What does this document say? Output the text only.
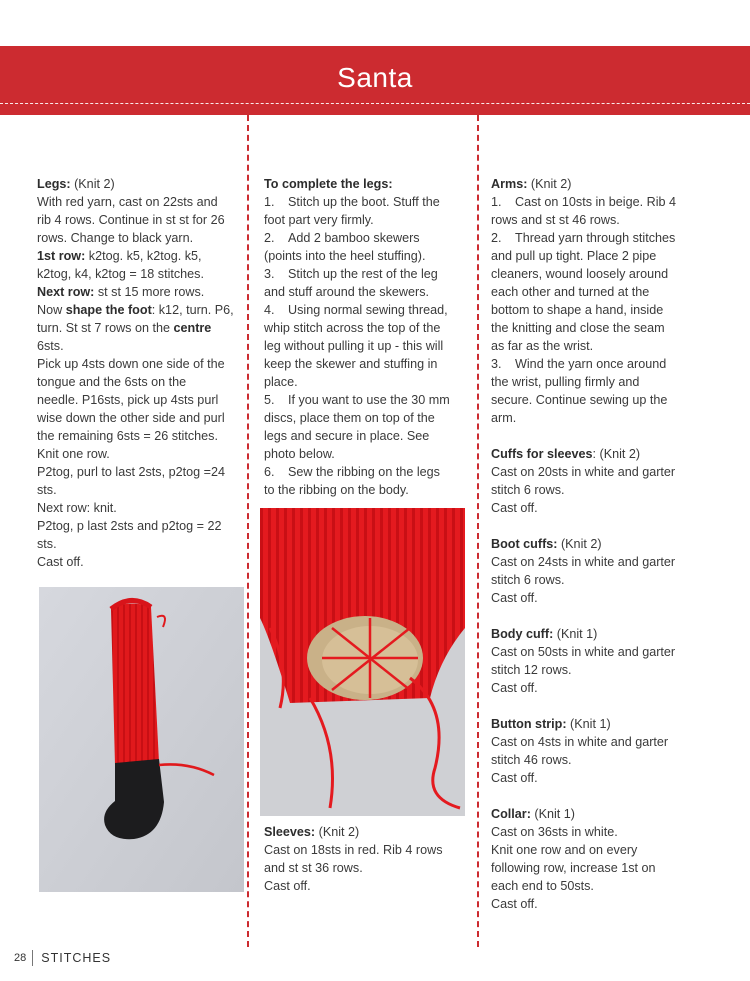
Santa

Legs: (Knit 2)

With red yarn, cast on 22sts and

rib 4 rows. Continue in st st for 26

rows. Change to black yarn.

1st row: k2tog. k5, k2tog. k5,

k2tog, k4, k2tog = 18 stitches.

Next row: st st 15 more rows.

Now shape the foot: k12, turn. P6,

turn. St st 7 rows on the centre

6sts.

Pick up 4sts down one side of the

tongue and the 6sts on the

needle. P16sts, pick up 4sts purl

wise down the other side and purl

the remaining 6sts = 26 stitches.

Knit one row.

P2tog, purl to last 2sts, p2tog =24

sts.

Next row: knit.

P2tog, p last 2sts and p2tog = 22

sts.

Cast off.

To complete the legs:

1. Stitch up the boot. Stuff the

foot part very firmly.

2. Add 2 bamboo skewers

(points into the heel stuffing).

3. Stitch up the rest of the leg

and stuff around the skewers.

4. Using normal sewing thread,

whip stitch across the top of the

leg without pulling it up - this will

keep the skewer and stuffing in

place.

5. If you want to use the 30 mm

discs, place them on top of the

legs and secure in place. See

photo below.

6. Sew the ribbing on the legs

to the ribbing on the body.

Sleeves: (Knit 2)

Cast on 18sts in red. Rib 4 rows

and st st 36 rows.

Cast off.

Arms: (Knit 2)

1. Cast on 10sts in beige. Rib 4

rows and st st 46 rows.

2. Thread yarn through stitches

and pull up tight. Place 2 pipe

cleaners, wound loosely around

each other and turned at the

bottom to shape a hand, inside

the knitting and close the seam

as far as the wrist.

3. Wind the yarn once around

the wrist, pulling firmly and

secure. Continue sewing up the

arm.

Cuffs for sleeves: (Knit 2)

Cast on 20sts in white and garter

stitch 6 rows.

Cast off.

Boot cuffs: (Knit 2)

Cast on 24sts in white and garter

stitch 6 rows.

Cast off.

Body cuff: (Knit 1)

Cast on 50sts in white and garter

stitch 12 rows.

Cast off.

Button strip: (Knit 1)

Cast on 4sts in white and garter

stitch 46 rows.

Cast off.

Collar: (Knit 1)

Cast on 36sts in white.

Knit one row and on every

following row, increase 1st on

each end to 50sts.

Cast off.

28 STITCHES
